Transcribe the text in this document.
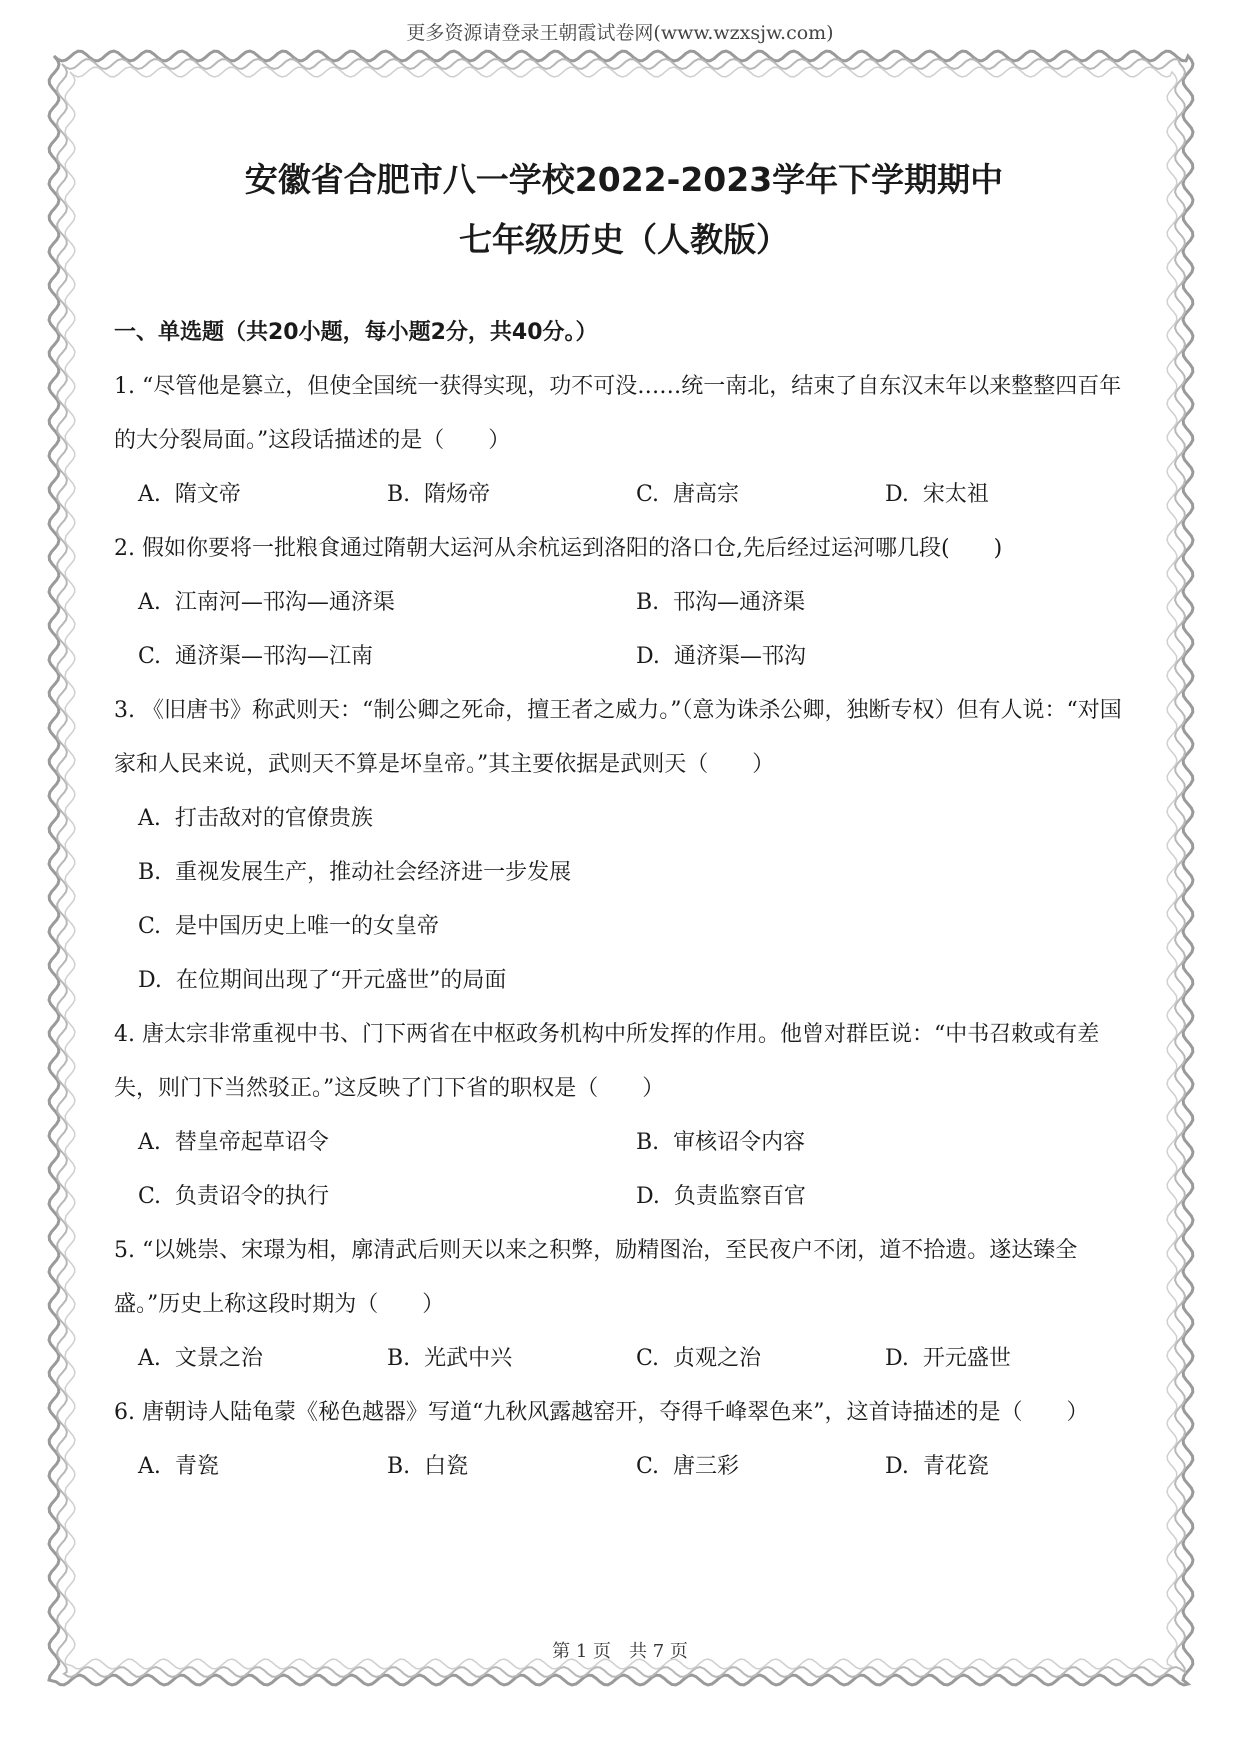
更多资源请登录王朝霞试卷网(www.wzxsjw.com)
安徽省合肥市八一学校2022-2023学年下学期期中
七年级历史（人教版）
一、单选题（共20小题，每小题2分，共40分。）
1. “尽管他是篡立，但使全国统一获得实现，功不可没……统一南北，结束了自东汉末年以来整整四百年的大分裂局面。”这段话描述的是（　　）
A. 隋文帝	B. 隋炀帝	C. 唐高宗	D. 宋太祖
2. 假如你要将一批粮食通过隋朝大运河从余杭运到洛阳的洛口仓,先后经过运河哪几段(　　)
A. 江南河—邗沟—通济渠	B. 邗沟—通济渠
C. 通济渠—邗沟—江南	D. 通济渠—邗沟
3. 《旧唐书》称武则天：“制公卿之死命，擅王者之威力。”（意为诛杀公卿，独断专权）但有人说：“对国家和人民来说，武则天不算是坏皇帝。”其主要依据是武则天（　　）
A. 打击敌对的官僚贵族
B. 重视发展生产，推动社会经济进一步发展
C. 是中国历史上唯一的女皇帝
D. 在位期间出现了“开元盛世”的局面
4. 唐太宗非常重视中书、门下两省在中枢政务机构中所发挥的作用。他曾对群臣说：“中书召敕或有差失，则门下当然驳正。”这反映了门下省的职权是（　　）
A. 替皇帝起草诏令	B. 审核诏令内容
C. 负责诏令的执行	D. 负责监察百官
5. “以姚崇、宋璟为相，廓清武后则天以来之积弊，励精图治，至民夜户不闭，道不拾遗。遂达臻全盛。”历史上称这段时期为（　　）
A. 文景之治	B. 光武中兴	C. 贞观之治	D. 开元盛世
6. 唐朝诗人陆龟蒙《秘色越器》写道“九秋风露越窑开，夺得千峰翠色来”，这首诗描述的是（　　）
A. 青瓷	B. 白瓷	C. 唐三彩	D. 青花瓷
第 1 页　共 7 页
